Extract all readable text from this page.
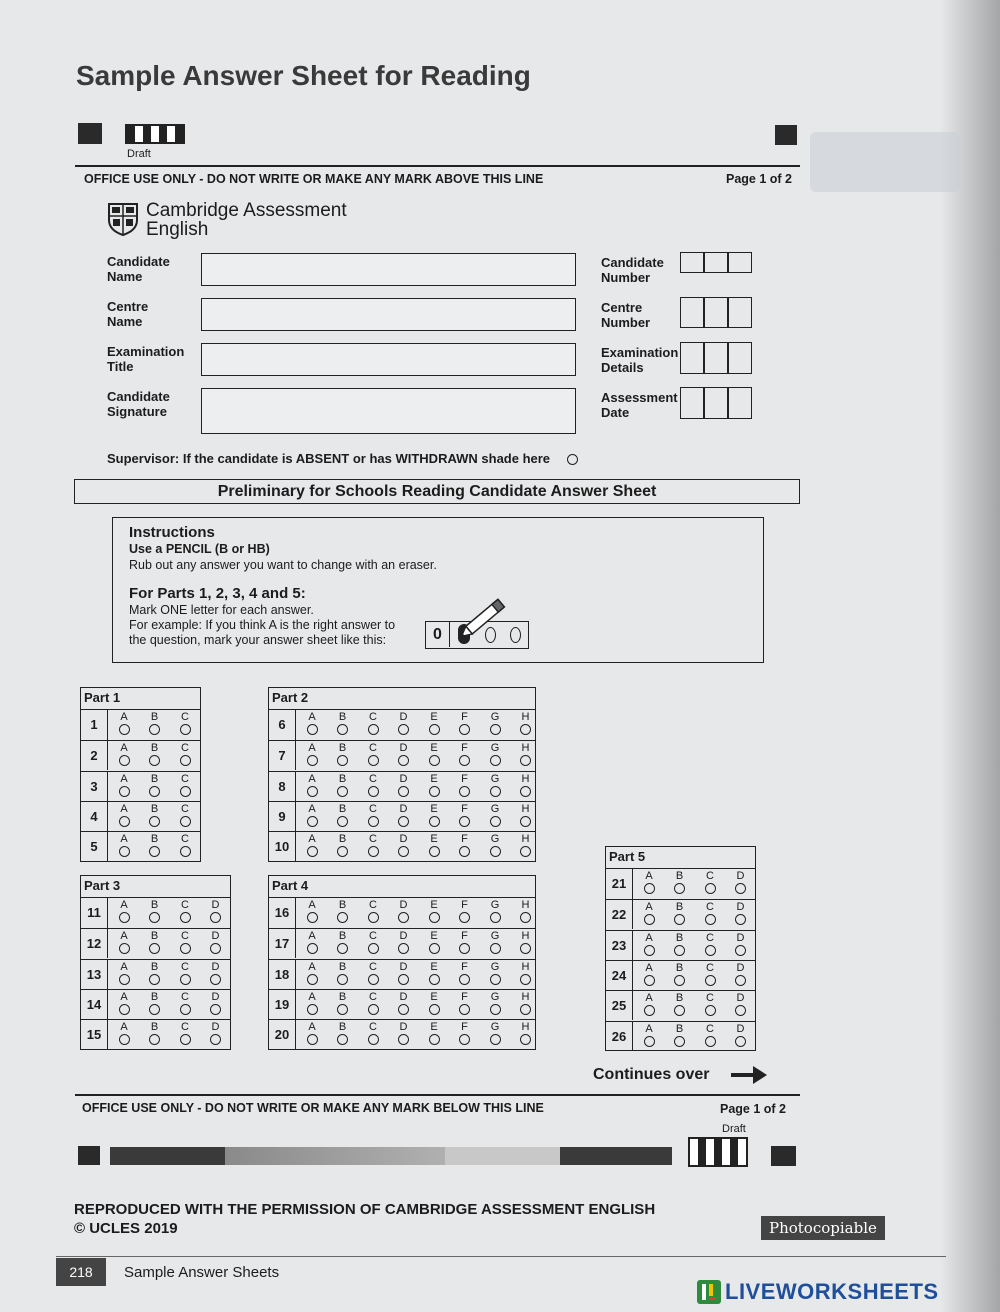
Sample Answer Sheet for Reading
Draft
OFFICE USE ONLY - DO NOT WRITE OR MAKE ANY MARK ABOVE THIS LINE	Page 1 of 2
Cambridge Assessment
English
Candidate
Name
Centre
Name
Examination
Title
Candidate
Signature
Candidate
Number
Centre
Number
Examination
Details
Assessment
Date
Supervisor: If the candidate is ABSENT or has WITHDRAWN shade here
Preliminary for Schools Reading Candidate Answer Sheet
Instructions
Use a PENCIL (B or HB)
Rub out any answer you want to change with an eraser.
For Parts 1, 2, 3, 4 and 5:
Mark ONE letter for each answer.
For example: If you think A is the right answer to
the question, mark your answer sheet like this:	0
Part 1
1	A	B	C
2	A	B	C
3	A	B	C
4	A	B	C
5	A	B	C
Part 2
6	A	B	C	D	E	F	G	H
7	A	B	C	D	E	F	G	H
8	A	B	C	D	E	F	G	H
9	A	B	C	D	E	F	G	H
10	A	B	C	D	E	F	G	H
Part 3
11	A	B	C	D
12	A	B	C	D
13	A	B	C	D
14	A	B	C	D
15	A	B	C	D
Part 4
16	A	B	C	D	E	F	G	H
17	A	B	C	D	E	F	G	H
18	A	B	C	D	E	F	G	H
19	A	B	C	D	E	F	G	H
20	A	B	C	D	E	F	G	H
Part 5
21	A	B	C	D
22	A	B	C	D
23	A	B	C	D
24	A	B	C	D
25	A	B	C	D
26	A	B	C	D
Continues over
OFFICE USE ONLY - DO NOT WRITE OR MAKE ANY MARK BELOW THIS LINE	Page 1 of 2
Draft
REPRODUCED WITH THE PERMISSION OF CAMBRIDGE ASSESSMENT ENGLISH
© UCLES 2019	Photocopiable
218	Sample Answer Sheets
LIVEWORKSHEETS
